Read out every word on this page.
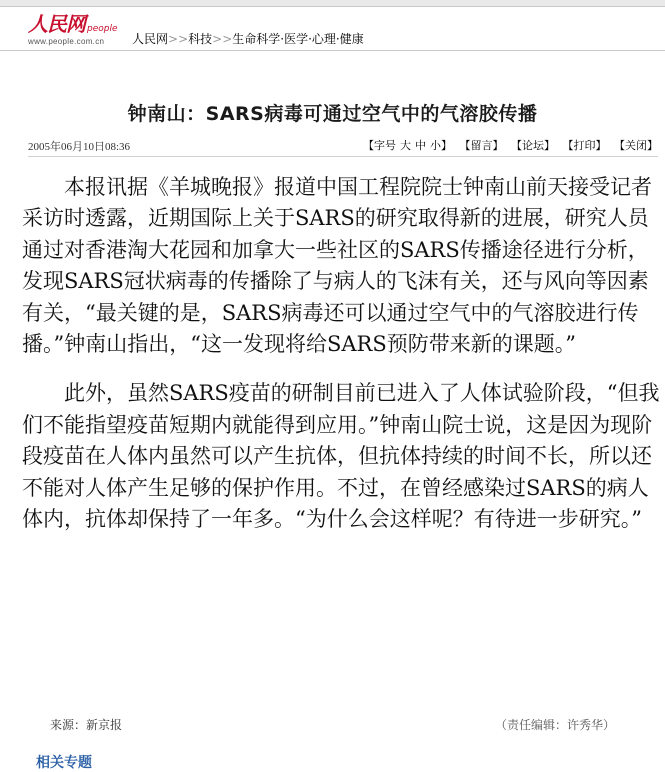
人民网 people
www.people.com.cn	人民网>>科技>>生命科学·医学·心理·健康
钟南山：SARS病毒可通过空气中的气溶胶传播
2005年06月10日08:36	【字号 大 中 小】 【留言】 【论坛】 【打印】 【关闭】

本报讯据《羊城晚报》报道中国工程院院士钟南山前天接受记者采访时透露，近期国际上关于SARS的研究取得新的进展，研究人员通过对香港淘大花园和加拿大一些社区的SARS传播途径进行分析，发现SARS冠状病毒的传播除了与病人的飞沫有关，还与风向等因素有关，“最关键的是，SARS病毒还可以通过空气中的气溶胶进行传播。”钟南山指出，“这一发现将给SARS预防带来新的课题。”

此外，虽然SARS疫苗的研制目前已进入了人体试验阶段，“但我们不能指望疫苗短期内就能得到应用。”钟南山院士说，这是因为现阶段疫苗在人体内虽然可以产生抗体，但抗体持续的时间不长，所以还不能对人体产生足够的保护作用。不过，在曾经感染过SARS的病人体内，抗体却保持了一年多。“为什么会这样呢？有待进一步研究。”

来源：新京报	（责任编辑：许秀华）
相关专题
